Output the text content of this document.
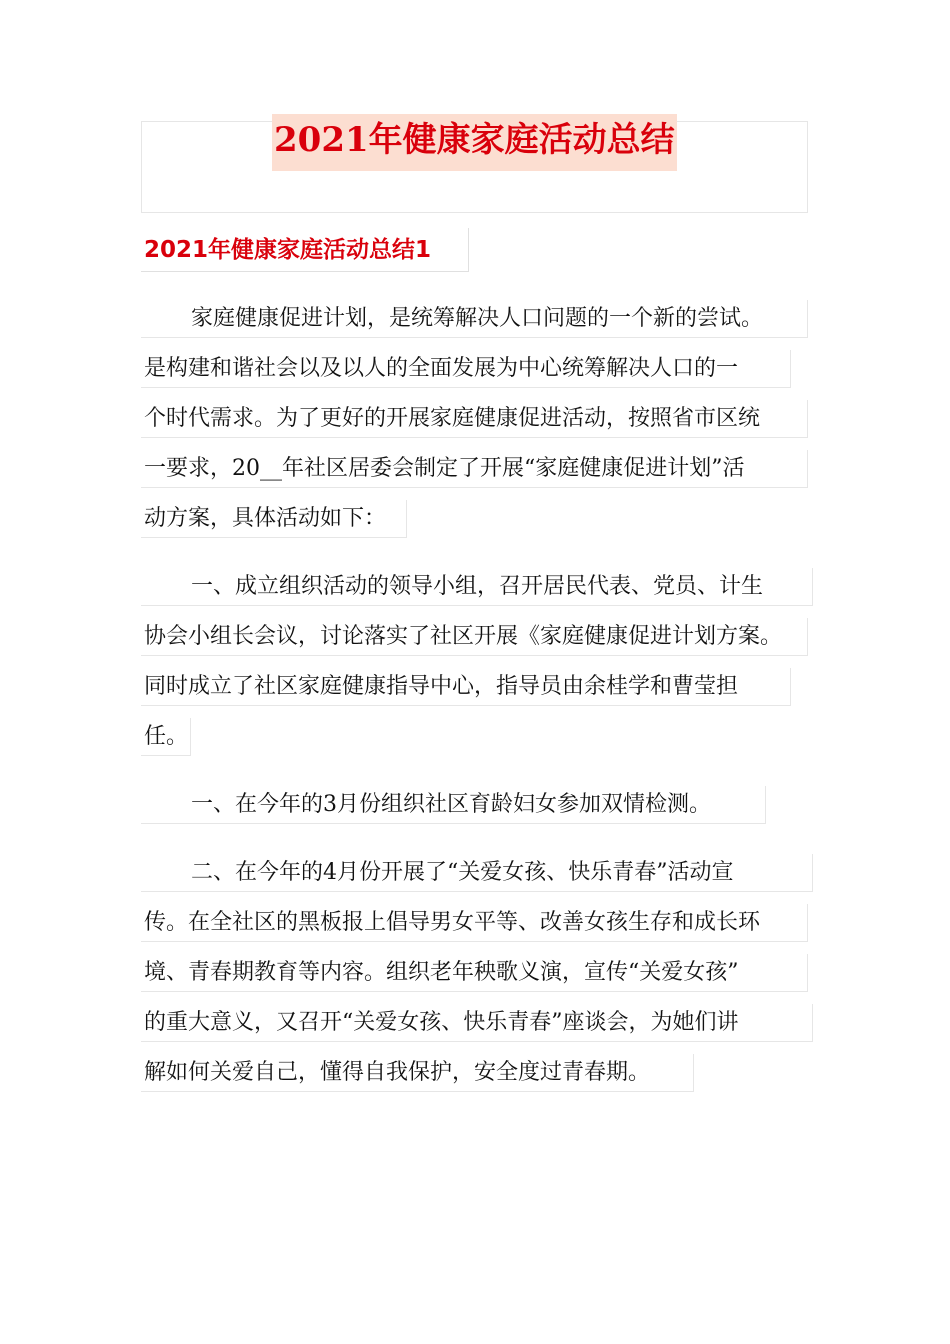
2021年健康家庭活动总结
2021年健康家庭活动总结1
家庭健康促进计划，是统筹解决人口问题的一个新的尝试。
是构建和谐社会以及以人的全面发展为中心统筹解决人口的一
个时代需求。为了更好的开展家庭健康促进活动，按照省市区统
一要求，20__年社区居委会制定了开展“家庭健康促进计划”活
动方案，具体活动如下：
一、成立组织活动的领导小组，召开居民代表、党员、计生
协会小组长会议，讨论落实了社区开展《家庭健康促进计划方案。
同时成立了社区家庭健康指导中心，指导员由余桂学和曹莹担
任。
一、在今年的3月份组织社区育龄妇女参加双情检测。
二、在今年的4月份开展了“关爱女孩、快乐青春”活动宣
传。在全社区的黑板报上倡导男女平等、改善女孩生存和成长环
境、青春期教育等内容。组织老年秧歌义演，宣传“关爱女孩”
的重大意义，又召开“关爱女孩、快乐青春”座谈会，为她们讲
解如何关爱自己，懂得自我保护，安全度过青春期。
